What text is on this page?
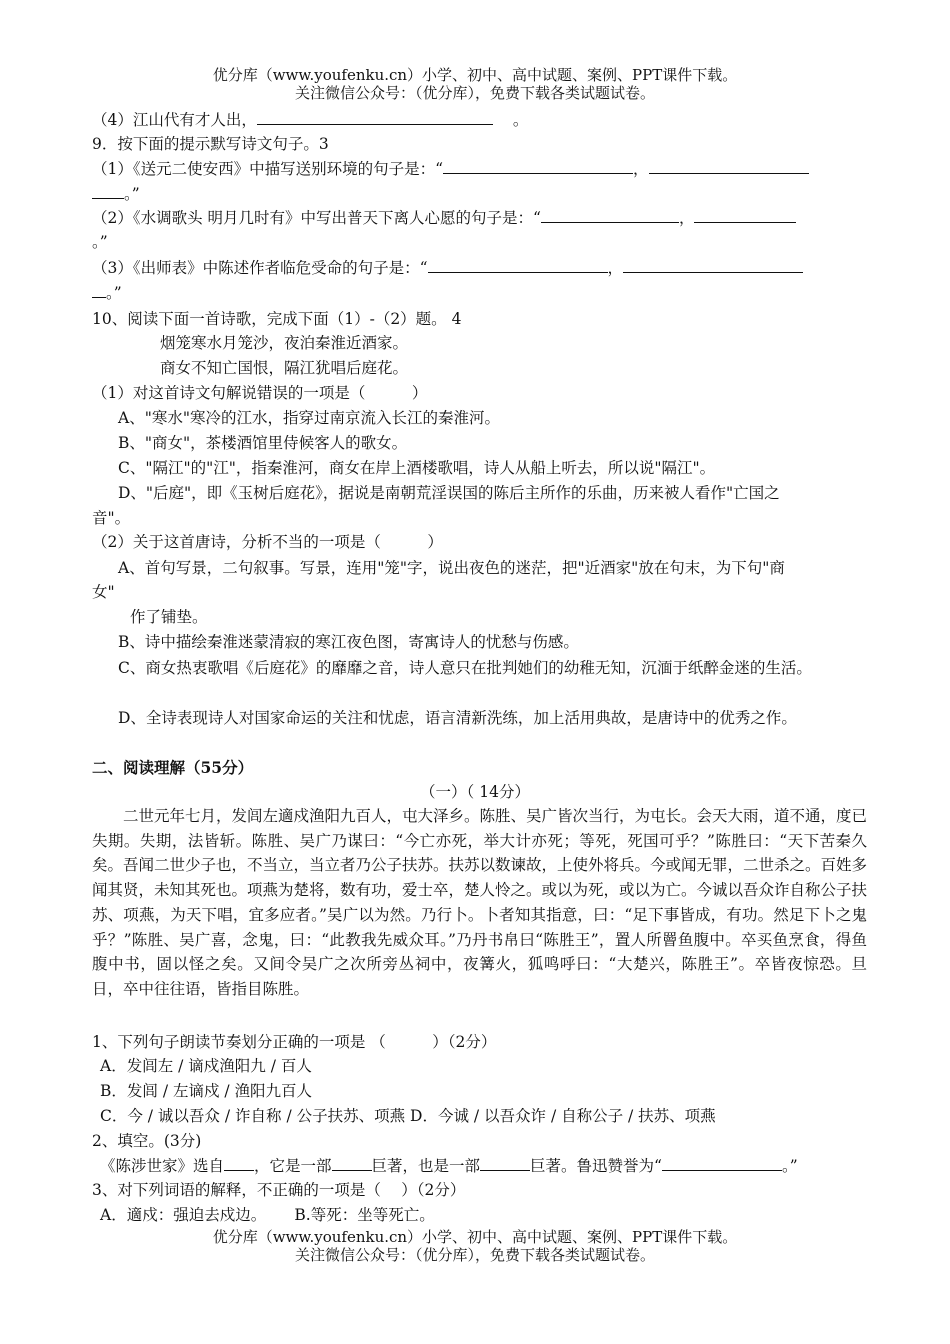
优分库（www.youfenku.cn）小学、初中、高中试题、案例、PPT课件下载。
关注微信公众号：（优分库），免费下载各类试题试卷。
（4）江山代有才人出，	。
9．按下面的提示默写诗文句子。3
（1）《送元二使安西》中描写送别环境的句子是：“	，
。”
（2）《水调歌头 明月几时有》中写出普天下离人心愿的句子是：“	，
。”
（3）《出师表》中陈述作者临危受命的句子是：“	，
。”
10、阅读下面一首诗歌，完成下面（1）-（2）题。 4
烟笼寒水月笼沙，夜泊秦淮近酒家。
商女不知亡国恨，隔江犹唱后庭花。
（1）对这首诗文句解说错误的一项是（　　　）
A、"寒水"寒冷的江水，指穿过南京流入长江的秦淮河。
B、"商女"，茶楼酒馆里侍候客人的歌女。
C、"隔江"的"江"，指秦淮河，商女在岸上酒楼歌唱，诗人从船上听去，所以说"隔江"。
D、"后庭"，即《玉树后庭花》，据说是南朝荒淫误国的陈后主所作的乐曲，历来被人看作"亡国之
音"。
（2）关于这首唐诗，分析不当的一项是（　　　）
A、首句写景，二句叙事。写景，连用"笼"字，说出夜色的迷茫，把"近酒家"放在句末，为下句"商
女"
作了铺垫。
B、诗中描绘秦淮迷蒙清寂的寒江夜色图，寄寓诗人的忧愁与伤感。
C、商女热衷歌唱《后庭花》的靡靡之音，诗人意只在批判她们的幼稚无知，沉湎于纸醉金迷的生活。
D、全诗表现诗人对国家命运的关注和忧虑，语言清新洗练，加上活用典故，是唐诗中的优秀之作。
二、阅读理解（55分）
（一）（ 14分）
二世元年七月，发闾左適戍渔阳九百人，屯大泽乡。陈胜、吴广皆次当行，为屯长。会天大雨，道不通，度已失期。失期，法皆斩。陈胜、吴广乃谋曰：“今亡亦死，举大计亦死；等死，死国可乎？”陈胜曰：“天下苦秦久矣。吾闻二世少子也，不当立，当立者乃公子扶苏。扶苏以数谏故，上使外将兵。今或闻无罪，二世杀之。百姓多闻其贤，未知其死也。项燕为楚将，数有功，爱士卒，楚人怜之。或以为死，或以为亡。今诚以吾众诈自称公子扶苏、项燕，为天下唱，宜多应者。”吴广以为然。乃行卜。卜者知其指意，曰：“足下事皆成，有功。然足下卜之鬼乎？”陈胜、吴广喜，念鬼，曰：“此教我先威众耳。”乃丹书帛曰“陈胜王”，置人所罾鱼腹中。卒买鱼烹食，得鱼腹中书，固以怪之矣。又间令吴广之次所旁丛祠中，夜篝火，狐鸣呼曰：“大楚兴，陈胜王”。卒皆夜惊恐。旦日，卒中往往语，皆指目陈胜。
1、下列句子朗读节奏划分正确的一项是 （　　　）（2分）
A．发闾左 / 谪戍渔阳九 / 百人
B．发闾 / 左谪戍 / 渔阳九百人
C．今 / 诚以吾众 / 诈自称 / 公子扶苏、项燕 D．今诚 / 以吾众诈 / 自称公子 / 扶苏、项燕
2、填空。(3分)
《陈涉世家》选自 ，它是一部	巨著，也是一部	巨著。鲁迅赞誉为“	。”
3、对下列词语的解释，不正确的一项是（　 ）（2分）
A．適戍：强迫去戍边。　　 B.等死：坐等死亡。
优分库（www.youfenku.cn）小学、初中、高中试题、案例、PPT课件下载。
关注微信公众号：（优分库），免费下载各类试题试卷。
